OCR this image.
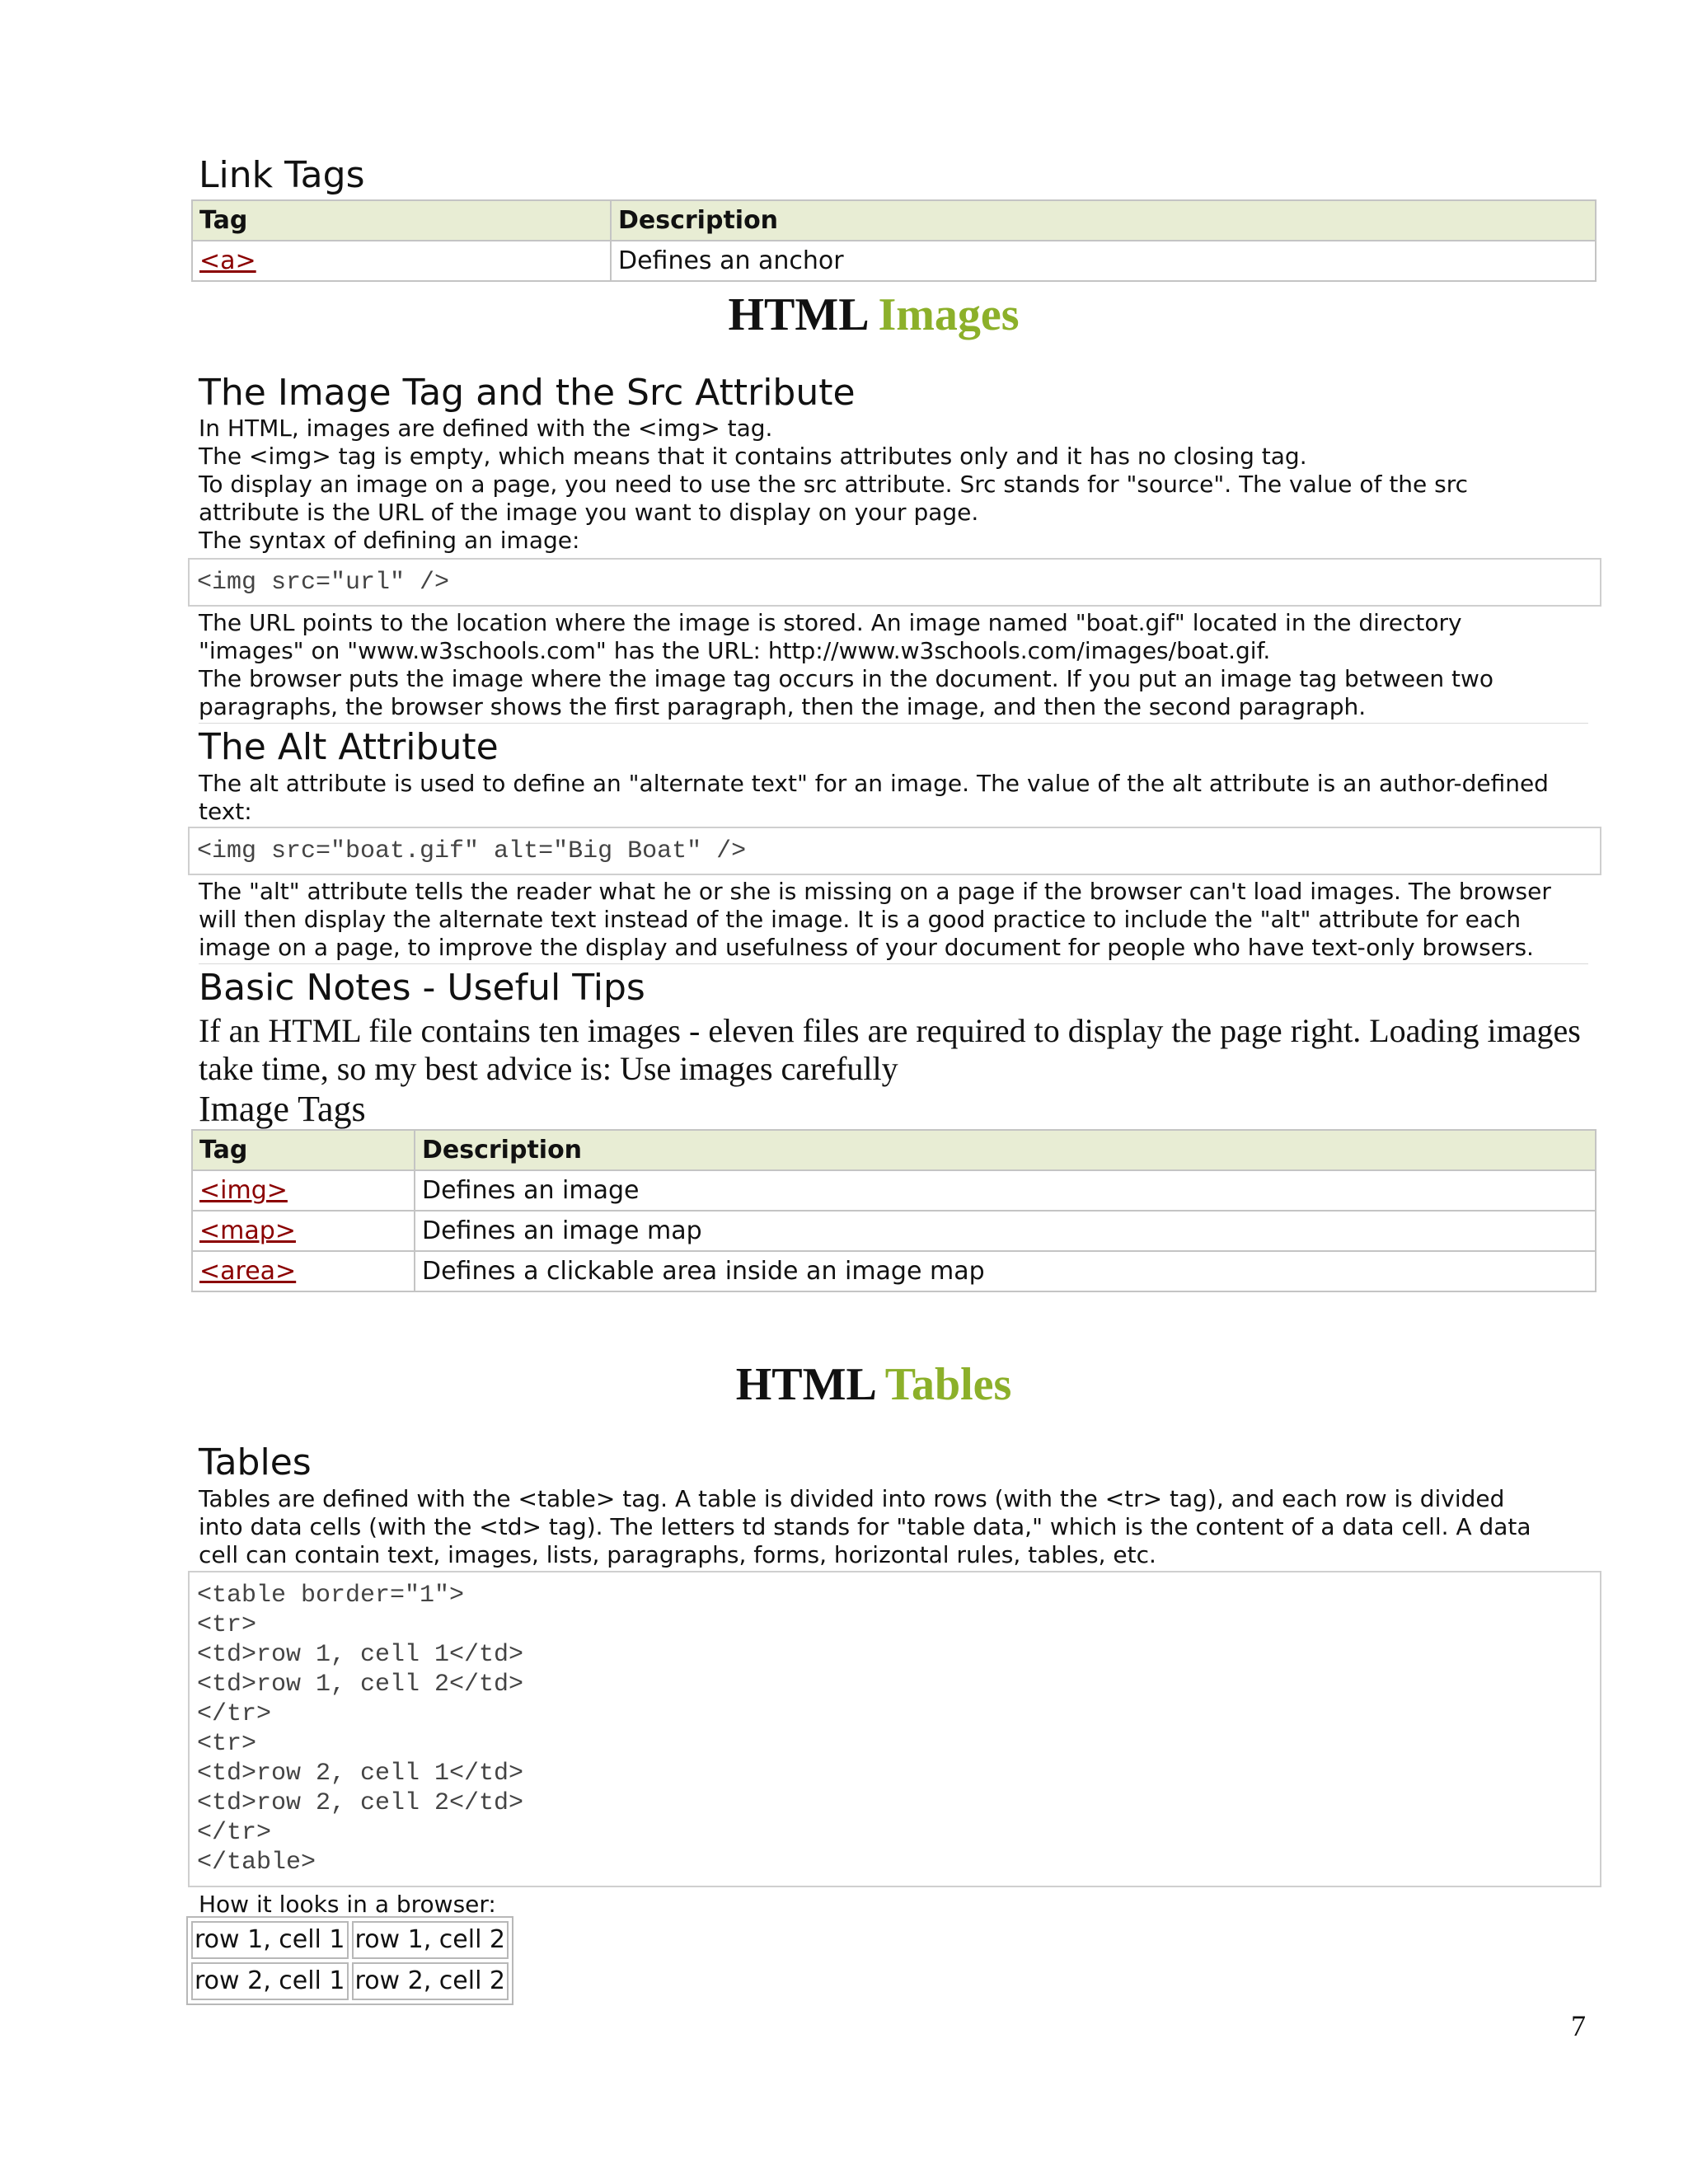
Link Tags
Tag	Description
<a>	Defines an anchor
HTML Images
The Image Tag and the Src Attribute
In HTML, images are defined with the <img> tag.
The <img> tag is empty, which means that it contains attributes only and it has no closing tag.
To display an image on a page, you need to use the src attribute. Src stands for "source". The value of the src
attribute is the URL of the image you want to display on your page.
The syntax of defining an image:
<img src="url" />
The URL points to the location where the image is stored. An image named "boat.gif" located in the directory
"images" on "www.w3schools.com" has the URL: http://www.w3schools.com/images/boat.gif.
The browser puts the image where the image tag occurs in the document. If you put an image tag between two
paragraphs, the browser shows the first paragraph, then the image, and then the second paragraph.
The Alt Attribute
The alt attribute is used to define an "alternate text" for an image. The value of the alt attribute is an author-defined
text:
<img src="boat.gif" alt="Big Boat" />
The "alt" attribute tells the reader what he or she is missing on a page if the browser can't load images. The browser
will then display the alternate text instead of the image. It is a good practice to include the "alt" attribute for each
image on a page, to improve the display and usefulness of your document for people who have text-only browsers.
Basic Notes - Useful Tips
If an HTML file contains ten images - eleven files are required to display the page right. Loading images
take time, so my best advice is: Use images carefully
Image Tags
Tag	Description
<img>	Defines an image
<map>	Defines an image map
<area>	Defines a clickable area inside an image map
HTML Tables
Tables
Tables are defined with the <table> tag. A table is divided into rows (with the <tr> tag), and each row is divided
into data cells (with the <td> tag). The letters td stands for "table data," which is the content of a data cell. A data
cell can contain text, images, lists, paragraphs, forms, horizontal rules, tables, etc.
<table border="1">
<tr>
<td>row 1, cell 1</td>
<td>row 1, cell 2</td>
</tr>
<tr>
<td>row 2, cell 1</td>
<td>row 2, cell 2</td>
</tr>
</table>
How it looks in a browser:
row 1, cell 1	row 1, cell 2
row 2, cell 1	row 2, cell 2
7
